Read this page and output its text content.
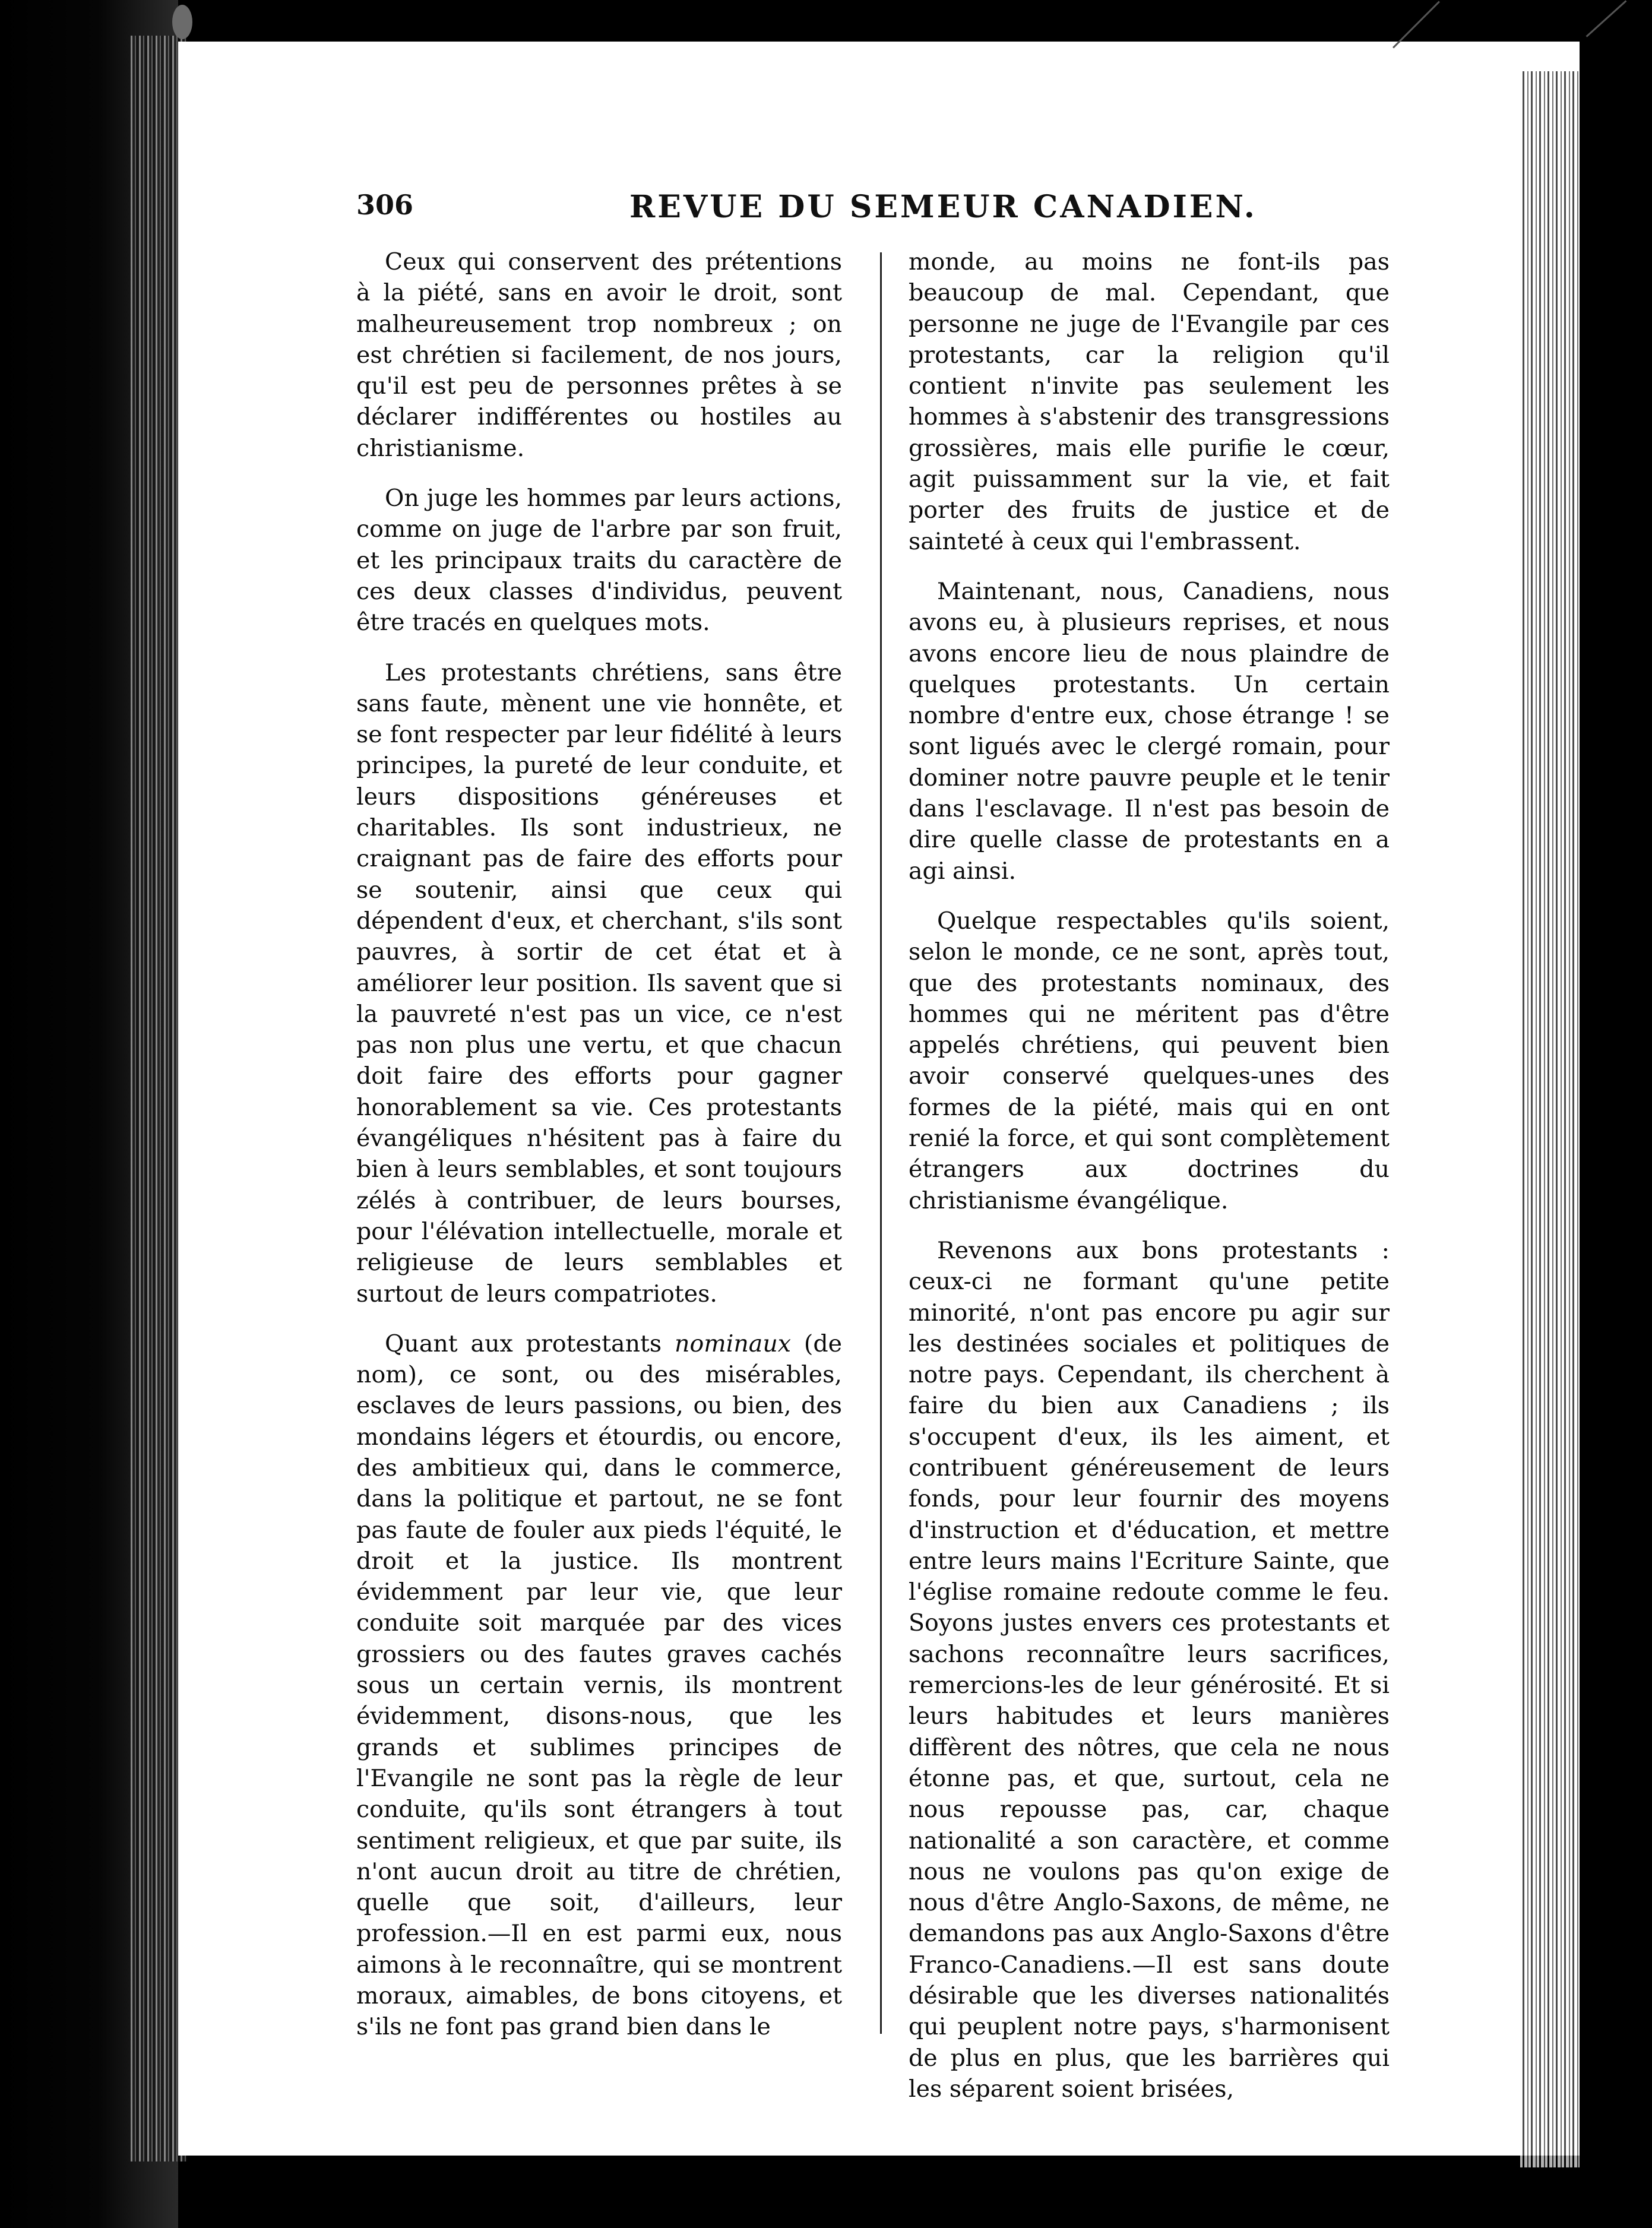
306	REVUE DU SEMEUR CANADIEN.

Ceux qui conservent des prétentions à la piété, sans en avoir le droit, sont malheureusement trop nombreux ; on est chrétien si facilement, de nos jours, qu'il est peu de personnes prêtes à se déclarer indifférentes ou hostiles au christianisme.

On juge les hommes par leurs actions, comme on juge de l'arbre par son fruit, et les principaux traits du caractère de ces deux classes d'individus, peuvent être tracés en quelques mots.

Les protestants chrétiens, sans être sans faute, mènent une vie honnête, et se font respecter par leur fidélité à leurs principes, la pureté de leur conduite, et leurs dispositions généreuses et charitables. Ils sont industrieux, ne craignant pas de faire des efforts pour se soutenir, ainsi que ceux qui dépendent d'eux, et cherchant, s'ils sont pauvres, à sortir de cet état et à améliorer leur position. Ils savent que si la pauvreté n'est pas un vice, ce n'est pas non plus une vertu, et que chacun doit faire des efforts pour gagner honorablement sa vie. Ces protestants évangéliques n'hésitent pas à faire du bien à leurs semblables, et sont toujours zélés à contribuer, de leurs bourses, pour l'élévation intellectuelle, morale et religieuse de leurs semblables et surtout de leurs compatriotes.

Quant aux protestants nominaux (de nom), ce sont, ou des misérables, esclaves de leurs passions, ou bien, des mondains légers et étourdis, ou encore, des ambitieux qui, dans le commerce, dans la politique et partout, ne se font pas faute de fouler aux pieds l'équité, le droit et la justice. Ils montrent évidemment par leur vie, que leur conduite soit marquée par des vices grossiers ou des fautes graves cachés sous un certain vernis, ils montrent évidemment, disons-nous, que les grands et sublimes principes de l'Evangile ne sont pas la règle de leur conduite, qu'ils sont étrangers à tout sentiment religieux, et que par suite, ils n'ont aucun droit au titre de chrétien, quelle que soit, d'ailleurs, leur profession.—Il en est parmi eux, nous aimons à le reconnaître, qui se montrent moraux, aimables, de bons citoyens, et s'ils ne font pas grand bien dans le

monde, au moins ne font-ils pas beaucoup de mal. Cependant, que personne ne juge de l'Evangile par ces protestants, car la religion qu'il contient n'invite pas seulement les hommes à s'abstenir des transgressions grossières, mais elle purifie le cœur, agit puissamment sur la vie, et fait porter des fruits de justice et de sainteté à ceux qui l'embrassent.

Maintenant, nous, Canadiens, nous avons eu, à plusieurs reprises, et nous avons encore lieu de nous plaindre de quelques protestants. Un certain nombre d'entre eux, chose étrange ! se sont ligués avec le clergé romain, pour dominer notre pauvre peuple et le tenir dans l'esclavage. Il n'est pas besoin de dire quelle classe de protestants en a agi ainsi.

Quelque respectables qu'ils soient, selon le monde, ce ne sont, après tout, que des protestants nominaux, des hommes qui ne méritent pas d'être appelés chrétiens, qui peuvent bien avoir conservé quelques-unes des formes de la piété, mais qui en ont renié la force, et qui sont complètement étrangers aux doctrines du christianisme évangélique.

Revenons aux bons protestants : ceux-ci ne formant qu'une petite minorité, n'ont pas encore pu agir sur les destinées sociales et politiques de notre pays. Cependant, ils cherchent à faire du bien aux Canadiens ; ils s'occupent d'eux, ils les aiment, et contribuent généreusement de leurs fonds, pour leur fournir des moyens d'instruction et d'éducation, et mettre entre leurs mains l'Ecriture Sainte, que l'église romaine redoute comme le feu. Soyons justes envers ces protestants et sachons reconnaître leurs sacrifices, remercions-les de leur générosité. Et si leurs habitudes et leurs manières diffèrent des nôtres, que cela ne nous étonne pas, et que, surtout, cela ne nous repousse pas, car, chaque nationalité a son caractère, et comme nous ne voulons pas qu'on exige de nous d'être Anglo-Saxons, de même, ne demandons pas aux Anglo-Saxons d'être Franco-Canadiens.—Il est sans doute désirable que les diverses nationalités qui peuplent notre pays, s'harmonisent de plus en plus, que les barrières qui les séparent soient brisées,
